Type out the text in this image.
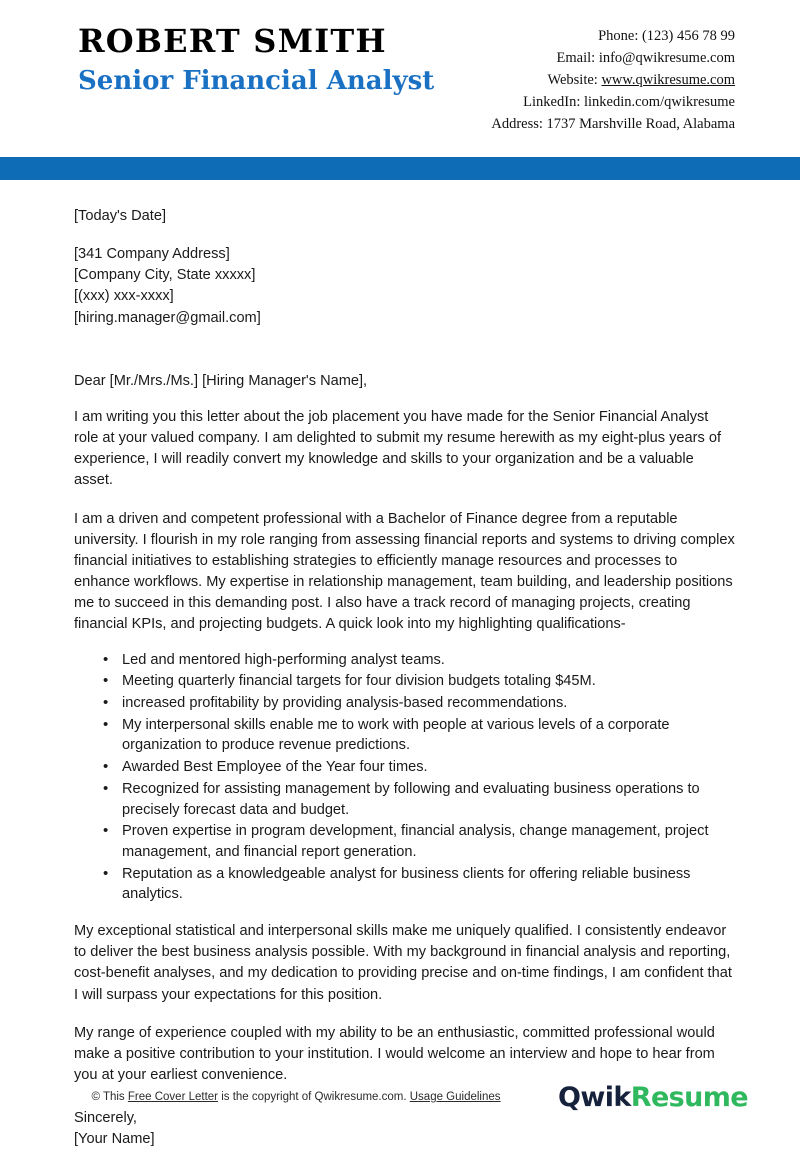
ROBERT SMITH
Senior Financial Analyst
Phone: (123) 456 78 99
Email: info@qwikresume.com
Website: www.qwikresume.com
LinkedIn: linkedin.com/qwikresume
Address: 1737 Marshville Road, Alabama
[Today's Date]
[341 Company Address]
[Company City, State xxxxx]
[(xxx) xxx-xxxx]
[hiring.manager@gmail.com]
Dear [Mr./Mrs./Ms.] [Hiring Manager's Name],

I am writing you this letter about the job placement you have made for the Senior Financial Analyst role at your valued company. I am delighted to submit my resume herewith as my eight-plus years of experience, I will readily convert my knowledge and skills to your organization and be a valuable asset.

I am a driven and competent professional with a Bachelor of Finance degree from a reputable university. I flourish in my role ranging from assessing financial reports and systems to driving complex financial initiatives to establishing strategies to efficiently manage resources and processes to enhance workflows. My expertise in relationship management, team building, and leadership positions me to succeed in this demanding post. I also have a track record of managing projects, creating financial KPIs, and projecting budgets. A quick look into my highlighting qualifications-

• Led and mentored high-performing analyst teams.
• Meeting quarterly financial targets for four division budgets totaling $45M.
• increased profitability by providing analysis-based recommendations.
• My interpersonal skills enable me to work with people at various levels of a corporate organization to produce revenue predictions.
• Awarded Best Employee of the Year four times.
• Recognized for assisting management by following and evaluating business operations to precisely forecast data and budget.
• Proven expertise in program development, financial analysis, change management, project management, and financial report generation.
• Reputation as a knowledgeable analyst for business clients for offering reliable business analytics.

My exceptional statistical and interpersonal skills make me uniquely qualified. I consistently endeavor to deliver the best business analysis possible. With my background in financial analysis and reporting, cost-benefit analyses, and my dedication to providing precise and on-time findings, I am confident that I will surpass your expectations for this position.

My range of experience coupled with my ability to be an enthusiastic, committed professional would make a positive contribution to your institution. I would welcome an interview and hope to hear from you at your earliest convenience.

Sincerely,
[Your Name]
© This Free Cover Letter is the copyright of Qwikresume.com. Usage Guidelines	QwikResume
